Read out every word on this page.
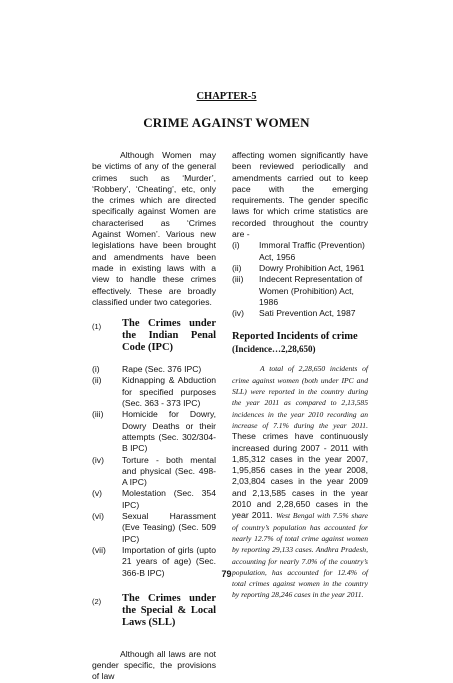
CHAPTER-5
CRIME AGAINST WOMEN

Although Women may be victims of any of the general crimes such as ‘Murder’, ‘Robbery’, ‘Cheating’, etc, only the crimes which are directed specifically against Women are characterised as ‘Crimes Against Women’. Various new legislations have been brought and amendments have been made in existing laws with a view to handle these crimes effectively. These are broadly classified under two categories.

(1)	The Crimes under the Indian Penal Code (IPC)
(i)	Rape (Sec. 376 IPC)
(ii)	Kidnapping & Abduction for specified purposes (Sec. 363 - 373 IPC)
(iii)	Homicide for Dowry, Dowry Deaths or their attempts (Sec. 302/304-B IPC)
(iv)	Torture - both mental and physical (Sec. 498-A IPC)
(v)	Molestation (Sec. 354 IPC)
(vi)	Sexual Harassment (Eve Teasing) (Sec. 509 IPC)
(vii)	Importation of girls (upto 21 years of age) (Sec. 366-B IPC)
(2)	The Crimes under the Special & Local Laws (SLL)

Although all laws are not gender specific, the provisions of law

affecting women significantly have been reviewed periodically and amendments carried out to keep pace with the emerging requirements. The gender specific laws for which crime statistics are recorded throughout the country are -

(i)	Immoral Traffic (Prevention) Act, 1956
(ii)	Dowry Prohibition Act, 1961
(iii)	Indecent Representation of Women (Prohibition) Act, 1986
(iv)	Sati Prevention Act, 1987
Reported Incidents of crime
(Incidence…2,28,650)

A total of 2,28,650 incidents of crime against women (both under IPC and SLL) were reported in the country during the year 2011 as compared to 2,13,585 incidences in the year 2010 recording an increase of 7.1% during the year 2011. These crimes have continuously increased during 2007 - 2011 with 1,85,312 cases in the year 2007, 1,95,856 cases in the year 2008, 2,03,804 cases in the year 2009 and 2,13,585 cases in the year 2010 and 2,28,650 cases in the year 2011. West Bengal with 7.5% share of country’s population has accounted for nearly 12.7% of total crime against women by reporting 29,133 cases. Andhra Pradesh, accounting for nearly 7.0% of the country’s population, has accounted for 12.4% of total crimes against women in the country by reporting 28,246 cases in the year 2011.

79
